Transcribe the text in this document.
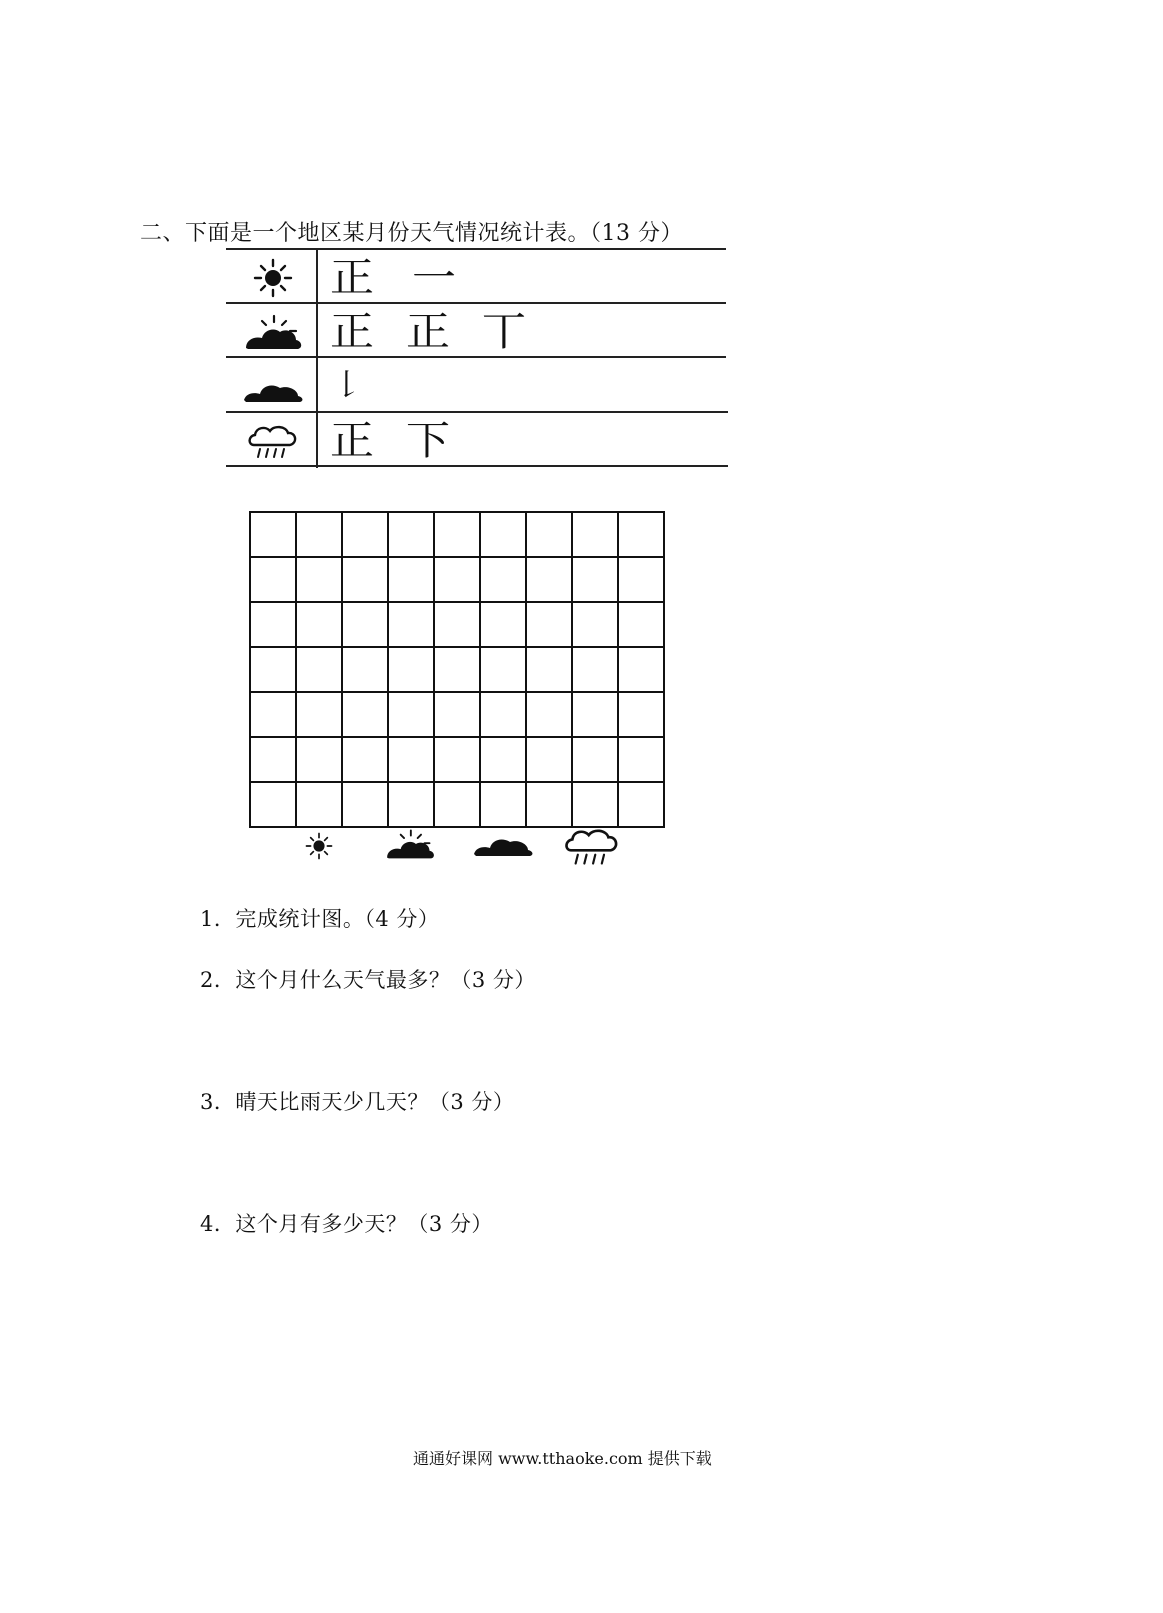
二、下面是一个地区某月份天气情况统计表。（13 分）
正 一
正 正 丅
𠄌
正 下
1．完成统计图。（4 分）
2．这个月什么天气最多？（3 分）
3．晴天比雨天少几天？（3 分）
4．这个月有多少天？（3 分）
通通好课网 www.tthaoke.com 提供下载
